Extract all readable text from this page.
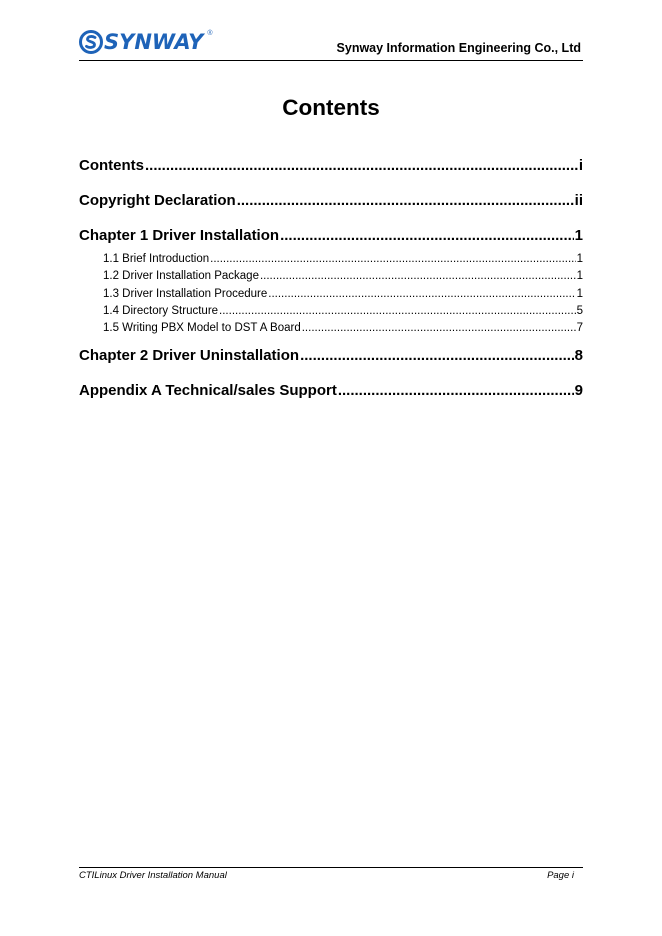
SYNWAY ®
Synway Information Engineering Co., Ltd
Contents
Contents .....	i
Copyright Declaration .....	ii
Chapter 1 Driver Installation .....	1
1.1 Brief Introduction .....	1
1.2 Driver Installation Package .....	1
1.3 Driver Installation Procedure .....	1
1.4 Directory Structure .....	5
1.5 Writing PBX Model to DST A Board .....	7
Chapter 2 Driver Uninstallation .....	8
Appendix A Technical/sales Support .....	9
CTILinux Driver Installation Manual	Page i
